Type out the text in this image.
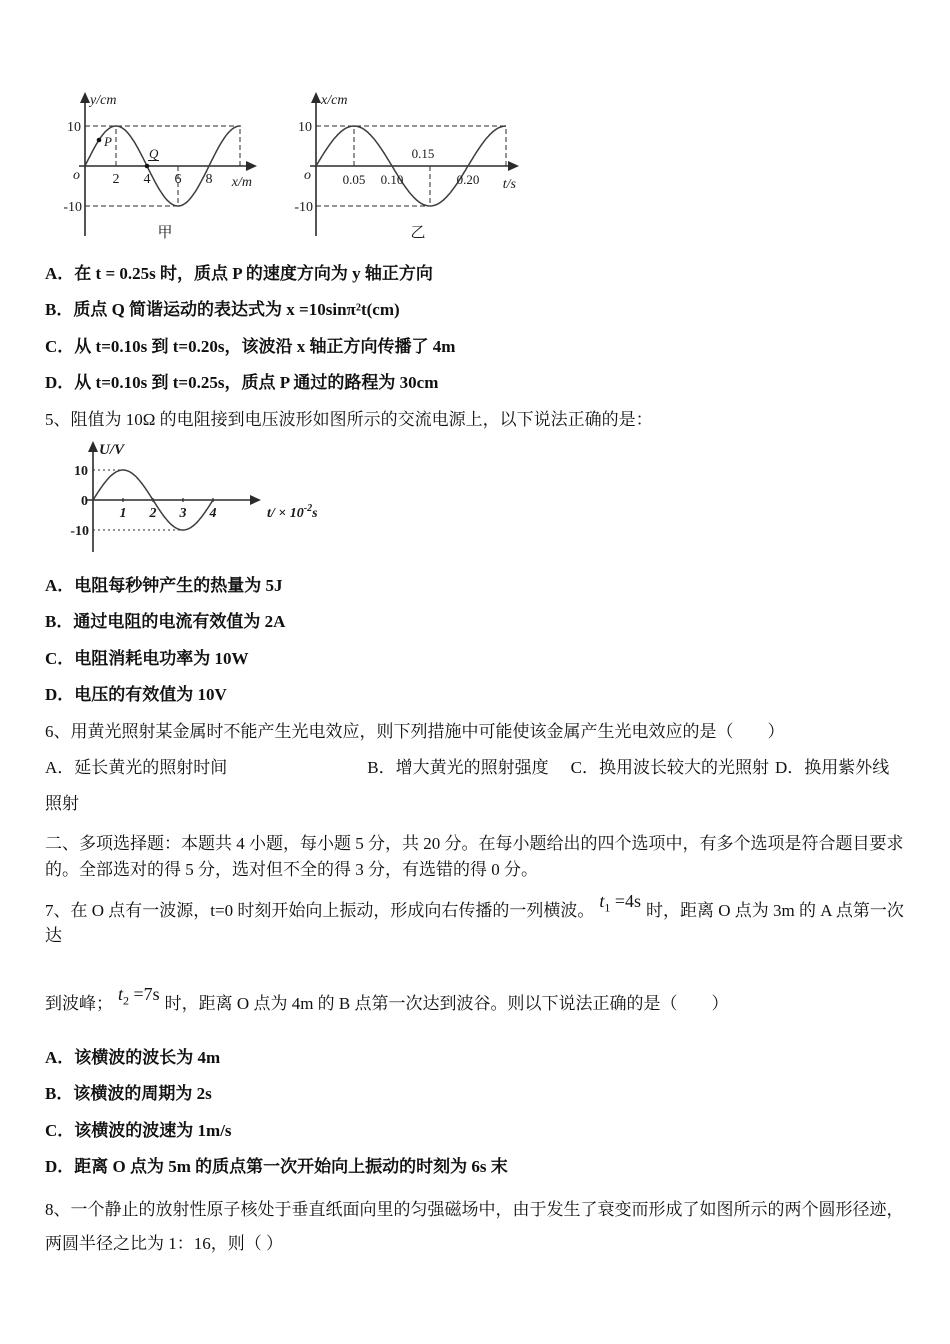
y/cm
10
-10
o 2 4 6 8 x/m
P
Q
甲
x/cm
10
-10
o 0.05 0.10
0.15
0.20 t/s
乙

A．在 t = 0.25s 时，质点 P 的速度方向为 y 轴正方向

B．质点 Q 简谐运动的表达式为 x =10sinπ²t(cm)

C．从 t=0.10s 到 t=0.20s，该波沿 x 轴正方向传播了 4m

D．从 t=0.10s 到 t=0.25s，质点 P 通过的路程为 30cm

5、阻值为 10Ω 的电阻接到电压波形如图所示的交流电源上，以下说法正确的是：

U/V
10
0
-10
1 2 3 4	$t/ \times 10^{-2}s$

A．电阻每秒钟产生的热量为 5J

B．通过电阻的电流有效值为 2A

C．电阻消耗电功率为 10W

D．电压的有效值为 10V

6、用黄光照射某金属时不能产生光电效应，则下列措施中可能使该金属产生光电效应的是（　　）

A．延长黄光的照射时间	B．增大黄光的照射强度 C．换用波长较大的光照射 D．换用紫外线

照射

二、多项选择题：本题共 4 小题，每小题 5 分，共 20 分。在每小题给出的四个选项中，有多个选项是符合题目要求的。全部选对的得 5 分，选对但不全的得 3 分，有选错的得 0 分。

7、在 O 点有一波源，t=0 时刻开始向上振动，形成向右传播的一列横波。 $t_1 =4s$ 时，距离 O 点为 3m 的 A 点第一次达

到波峰； $t_2 =7s$ 时，距离 O 点为 4m 的 B 点第一次达到波谷。则以下说法正确的是（　　）

A．该横波的波长为 4m

B．该横波的周期为 2s

C．该横波的波速为 1m/s

D．距离 O 点为 5m 的质点第一次开始向上振动的时刻为 6s 末

8、一个静止的放射性原子核处于垂直纸面向里的匀强磁场中，由于发生了衰变而形成了如图所示的两个圆形径迹，两圆半径之比为 1：16，则（ ）
